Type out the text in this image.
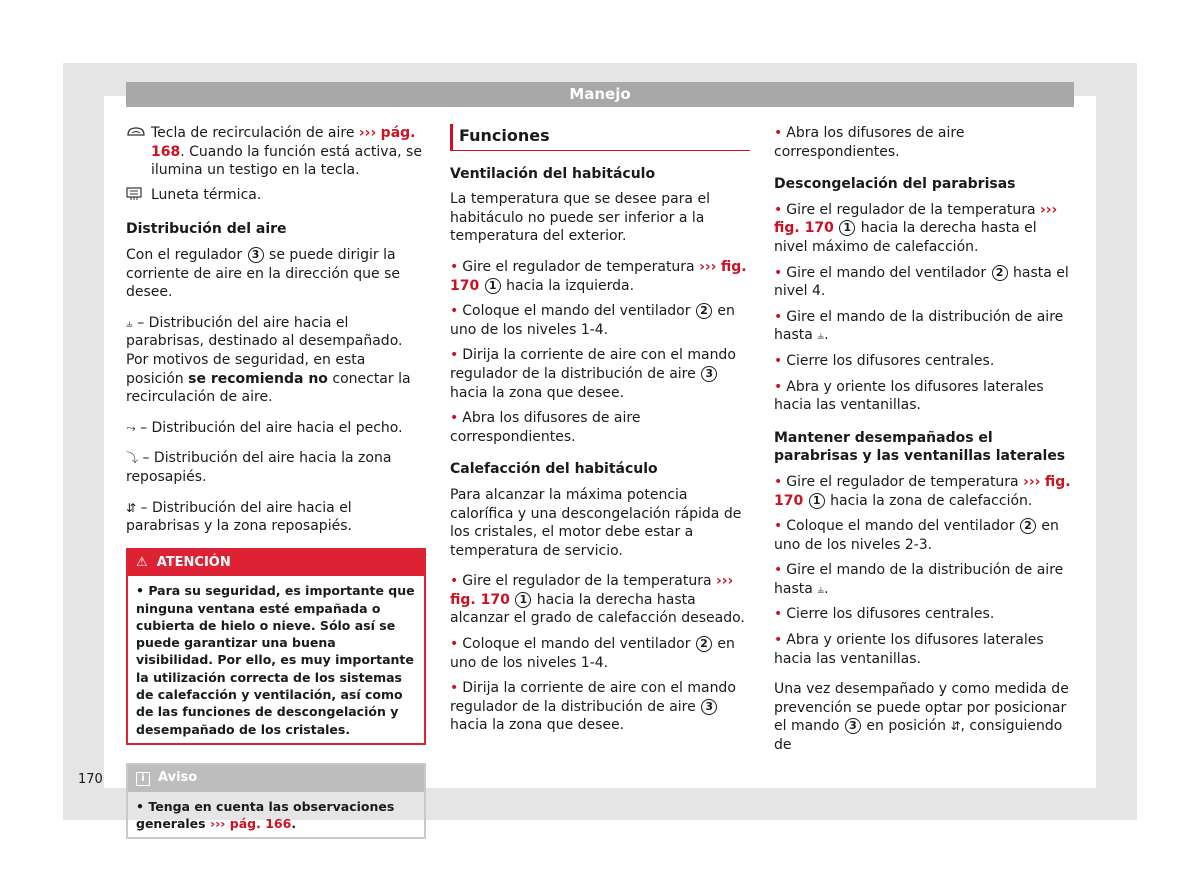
Manejo
Tecla de recirculación de aire ››› pág. 168. Cuando la función está activa, se ilumina un testigo en la tecla.
Luneta térmica.
Distribución del aire

Con el regulador 3 se puede dirigir la corriente de aire en la dirección que se desee.

⫨ – Distribución del aire hacia el parabrisas, destinado al desempañado. Por motivos de seguridad, en esta posición se recomienda no conectar la recirculación de aire.

⤳ – Distribución del aire hacia el pecho.

⤵ – Distribución del aire hacia la zona reposapiés.

⇵ – Distribución del aire hacia el parabrisas y la zona reposapiés.

⚠ ATENCIÓN
• Para su seguridad, es importante que ninguna ventana esté empañada o cubierta de hielo o nieve. Sólo así se puede garantizar una buena visibilidad. Por ello, es muy importante la utilización correcta de los sistemas de calefacción y ventilación, así como de las funciones de descongelación y desempañado de los cristales.
i Aviso
• Tenga en cuenta las observaciones generales ››› pág. 166.
Funciones
Ventilación del habitáculo

La temperatura que se desee para el habitáculo no puede ser inferior a la temperatura del exterior.

• Gire el regulador de temperatura ››› fig. 170 1 hacia la izquierda.

• Coloque el mando del ventilador 2 en uno de los niveles 1-4.

• Dirija la corriente de aire con el mando regulador de la distribución de aire 3 hacia la zona que desee.

• Abra los difusores de aire correspondientes.

Calefacción del habitáculo

Para alcanzar la máxima potencia calorífica y una descongelación rápida de los cristales, el motor debe estar a temperatura de servicio.

• Gire el regulador de la temperatura ››› fig. 170 1 hacia la derecha hasta alcanzar el grado de calefacción deseado.

• Coloque el mando del ventilador 2 en uno de los niveles 1-4.

• Dirija la corriente de aire con el mando regulador de la distribución de aire 3 hacia la zona que desee.

• Abra los difusores de aire correspondientes.

Descongelación del parabrisas

• Gire el regulador de la temperatura ››› fig. 170 1 hacia la derecha hasta el nivel máximo de calefacción.

• Gire el mando del ventilador 2 hasta el nivel 4.

• Gire el mando de la distribución de aire hasta ⫨.

• Cierre los difusores centrales.

• Abra y oriente los difusores laterales hacia las ventanillas.

Mantener desempañados el parabrisas y las ventanillas laterales

• Gire el regulador de temperatura ››› fig. 170 1 hacia la zona de calefacción.

• Coloque el mando del ventilador 2 en uno de los niveles 2-3.

• Gire el mando de la distribución de aire hasta ⫨.

• Cierre los difusores centrales.

• Abra y oriente los difusores laterales hacia las ventanillas.

Una vez desempañado y como medida de prevención se puede optar por posicionar el mando 3 en posición ⇵, consiguiendo de

170
